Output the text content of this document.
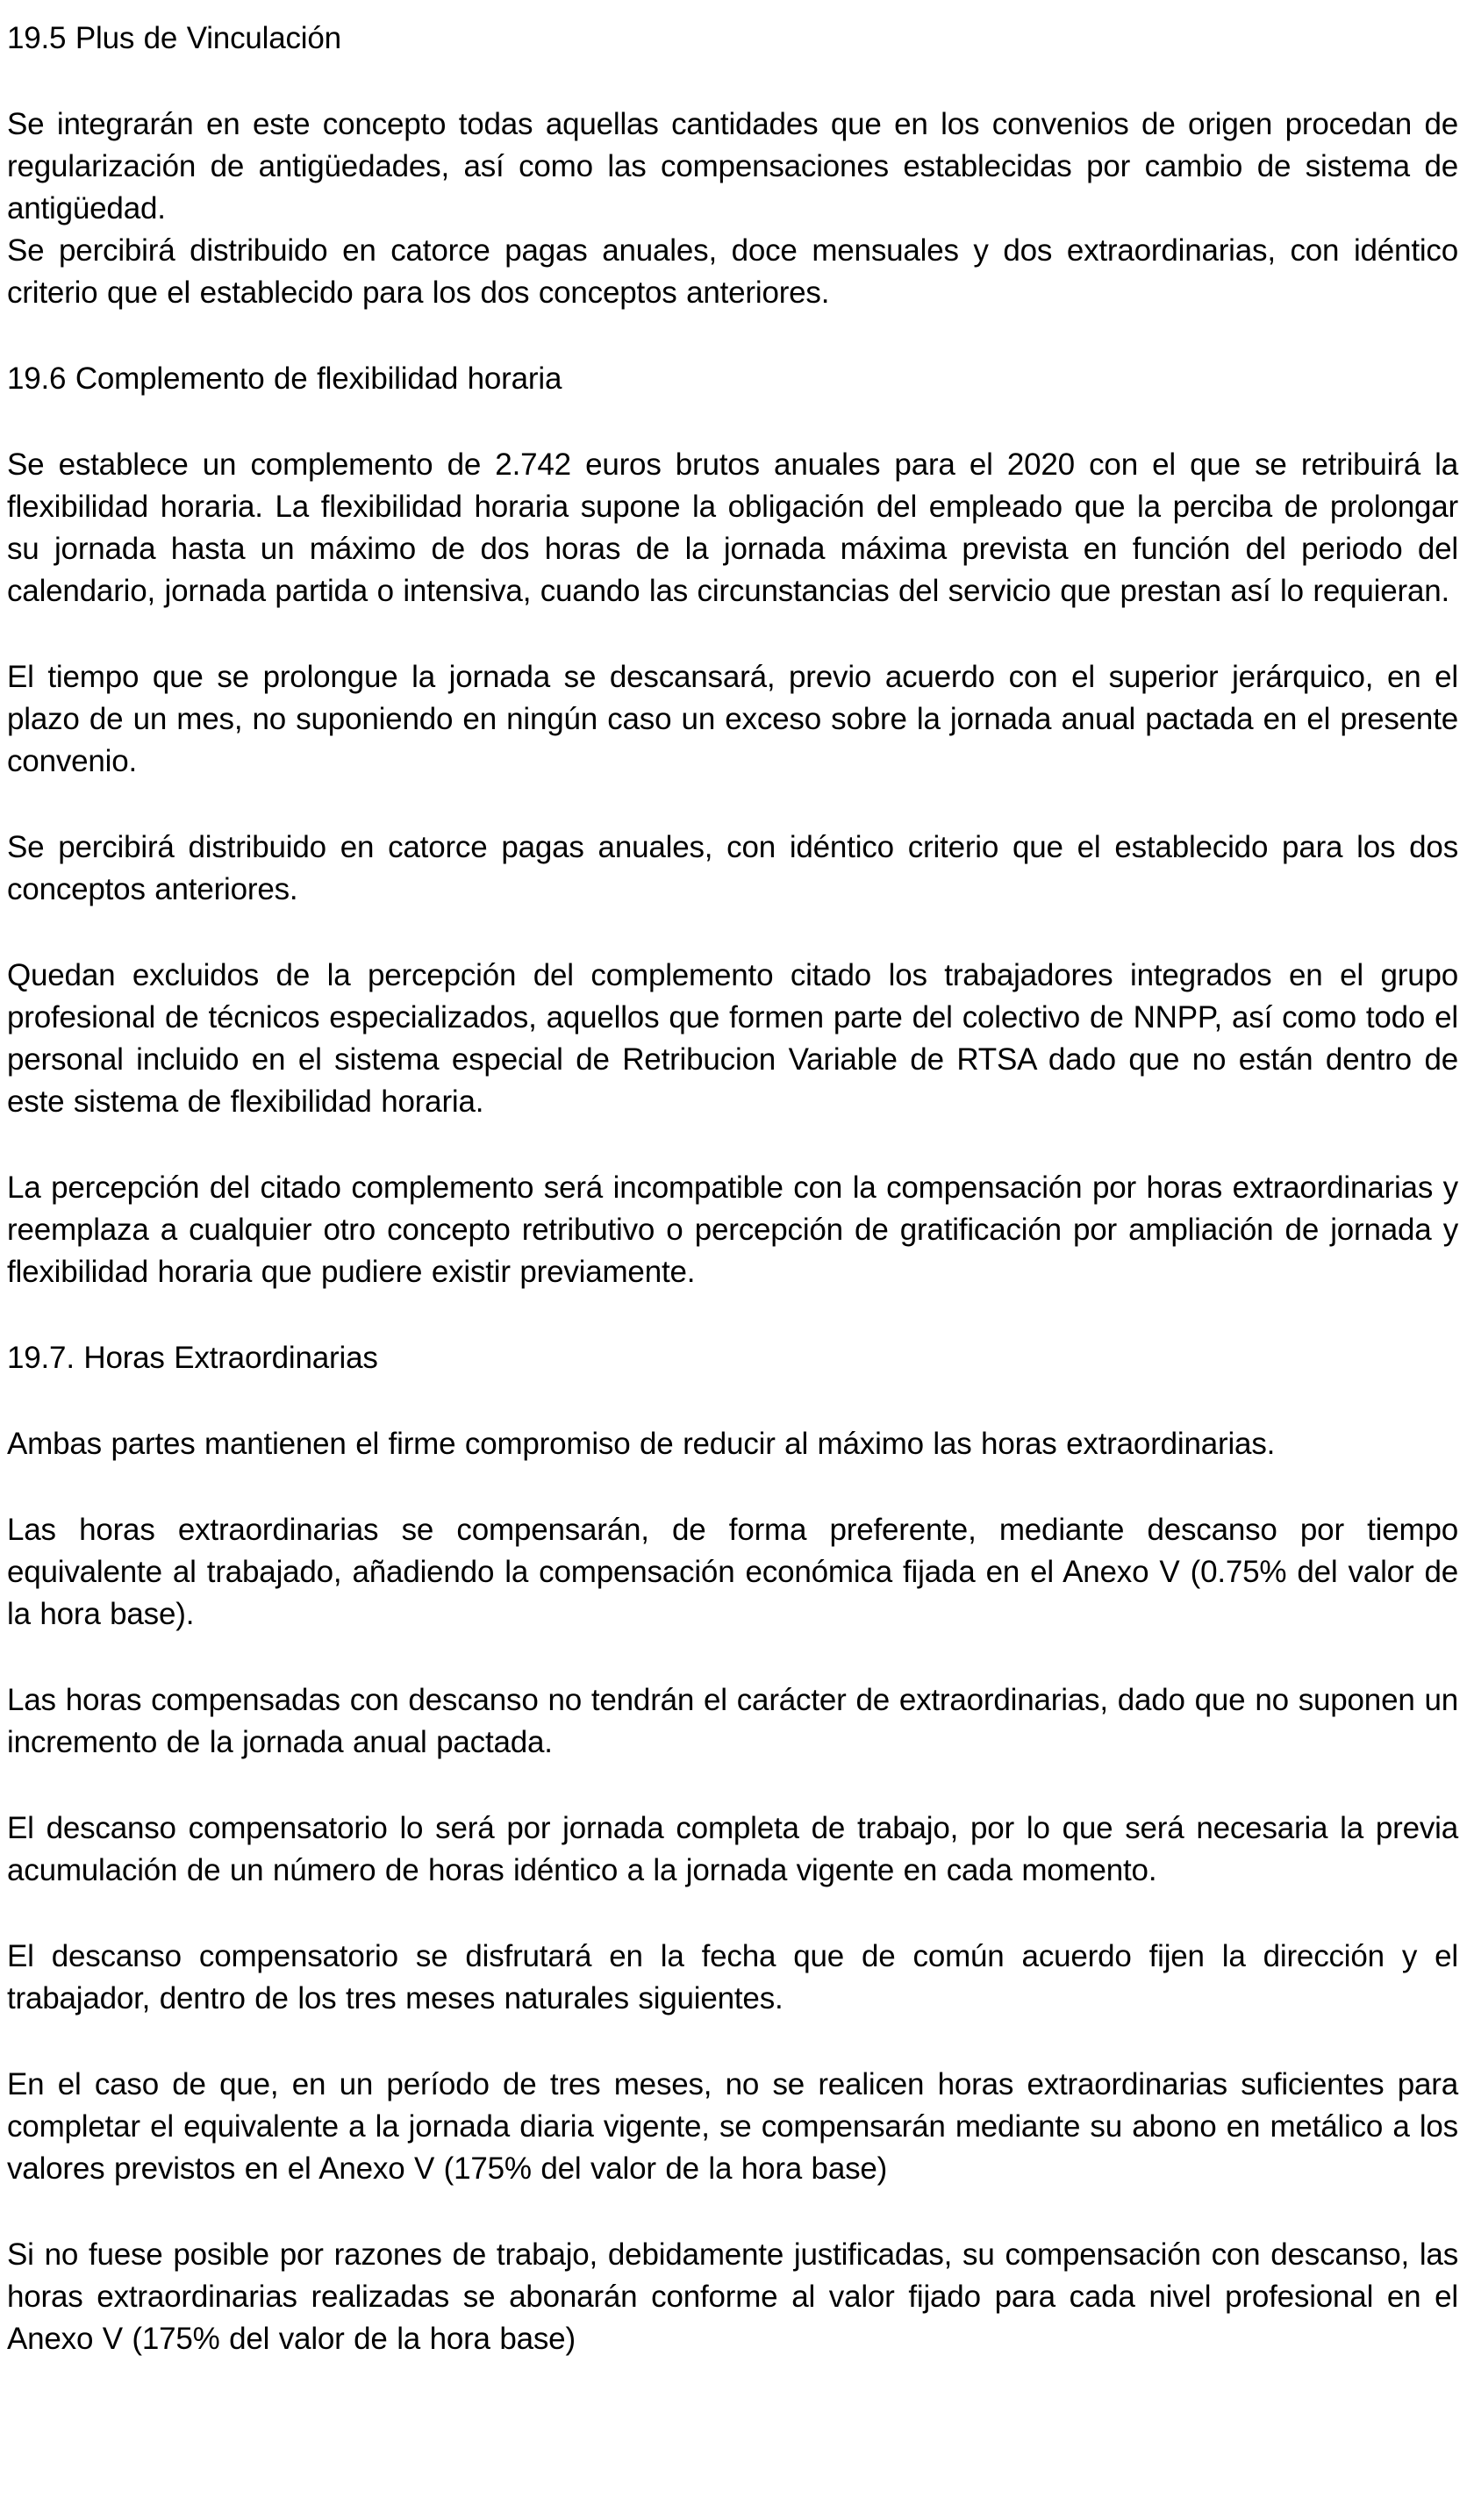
19.5 Plus de Vinculación

Se integrarán en este concepto todas aquellas cantidades que en los convenios de origen procedan de regularización de antigüedades, así como las compensaciones establecidas por cambio de sistema de antigüedad.

Se percibirá distribuido en catorce pagas anuales, doce mensuales y dos extraordinarias, con idéntico criterio que el establecido para los dos conceptos anteriores.

19.6 Complemento de flexibilidad horaria

Se establece un complemento de 2.742 euros brutos anuales para el 2020 con el que se retribuirá la flexibilidad horaria. La flexibilidad horaria supone la obligación del empleado que la perciba de prolongar su jornada hasta un máximo de dos horas de la jornada máxima prevista en función del periodo del calendario, jornada partida o intensiva, cuando las circunstancias del servicio que prestan así lo requieran.

El tiempo que se prolongue la jornada se descansará, previo acuerdo con el superior jerárquico, en el plazo de un mes, no suponiendo en ningún caso un exceso sobre la jornada anual pactada en el presente convenio.

Se percibirá distribuido en catorce pagas anuales, con idéntico criterio que el establecido para los dos conceptos anteriores.

Quedan excluidos de la percepción del complemento citado los trabajadores integrados en el grupo profesional de técnicos especializados, aquellos que formen parte del colectivo de NNPP, así como todo el personal incluido en el sistema especial de Retribucion Variable de RTSA dado que no están dentro de este sistema de flexibilidad horaria.

La percepción del citado complemento será incompatible con la compensación por horas extraordinarias y reemplaza a cualquier otro concepto retributivo o percepción de gratificación por ampliación de jornada y flexibilidad horaria que pudiere existir previamente.

19.7. Horas Extraordinarias

Ambas partes mantienen el firme compromiso de reducir al máximo las horas extraordinarias.

Las horas extraordinarias se compensarán, de forma preferente, mediante descanso por tiempo equivalente al trabajado, añadiendo la compensación económica fijada en el Anexo V (0.75% del valor de la hora base).

Las horas compensadas con descanso no tendrán el carácter de extraordinarias, dado que no suponen un incremento de la jornada anual pactada.

El descanso compensatorio lo será por jornada completa de trabajo, por lo que será necesaria la previa acumulación de un número de horas idéntico a la jornada vigente en cada momento.

El descanso compensatorio se disfrutará en la fecha que de común acuerdo fijen la dirección y el trabajador, dentro de los tres meses naturales siguientes.

En el caso de que, en un período de tres meses, no se realicen horas extraordinarias suficientes para completar el equivalente a la jornada diaria vigente, se compensarán mediante su abono en metálico a los valores previstos en el Anexo V (175% del valor de la hora base)

Si no fuese posible por razones de trabajo, debidamente justificadas, su compensación con descanso, las horas extraordinarias realizadas se abonarán conforme al valor fijado para cada nivel profesional en el Anexo V (175% del valor de la hora base)
